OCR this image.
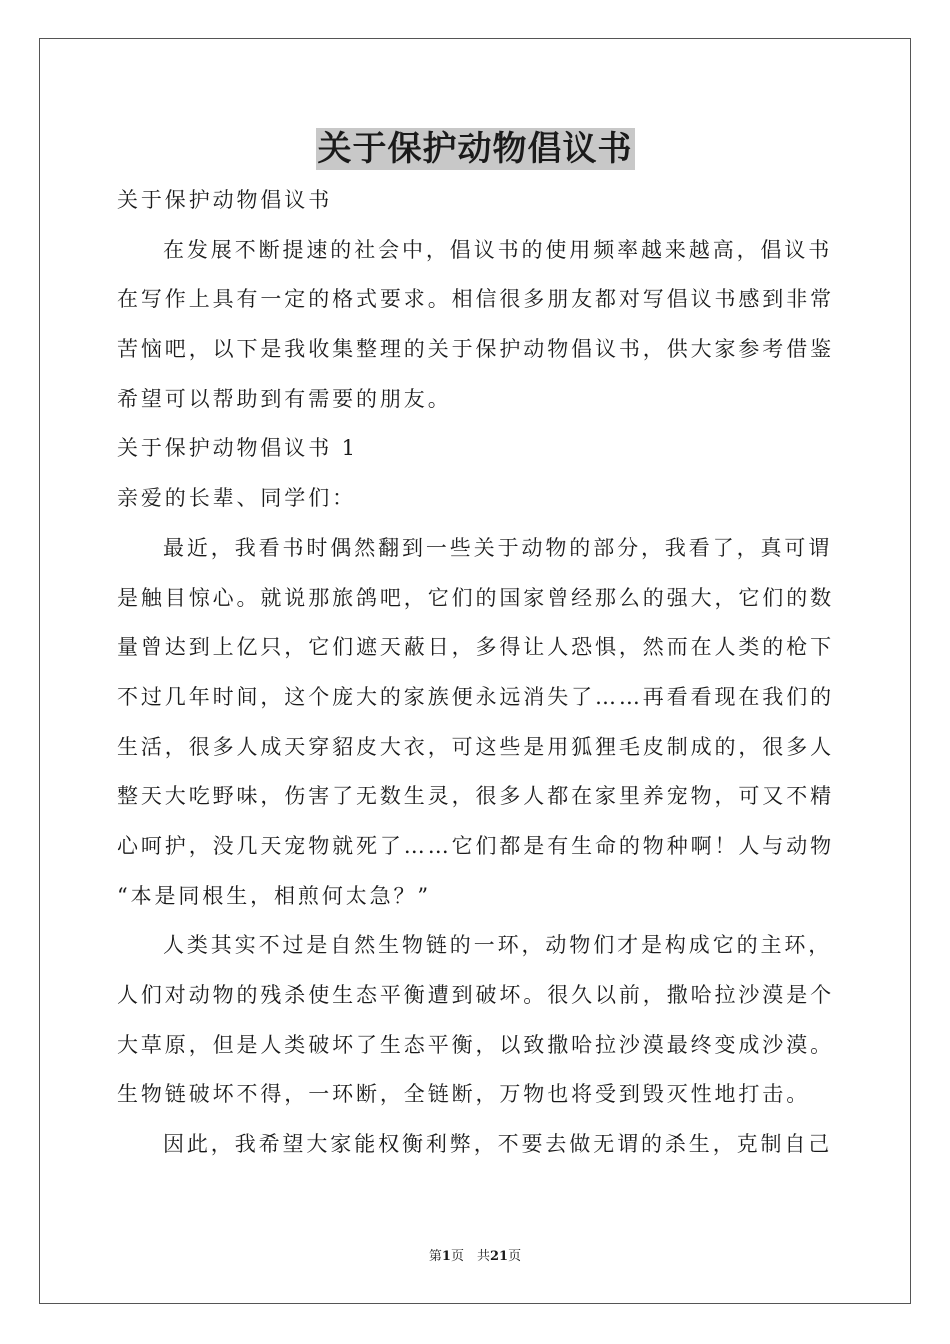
关于保护动物倡议书
关于保护动物倡议书
在发展不断提速的社会中，倡议书的使用频率越来越高，倡议书
在写作上具有一定的格式要求。相信很多朋友都对写倡议书感到非常
苦恼吧，以下是我收集整理的关于保护动物倡议书，供大家参考借鉴
希望可以帮助到有需要的朋友。
关于保护动物倡议书 1
亲爱的长辈、同学们：
最近，我看书时偶然翻到一些关于动物的部分，我看了，真可谓
是触目惊心。就说那旅鸽吧，它们的国家曾经那么的强大，它们的数
量曾达到上亿只，它们遮天蔽日，多得让人恐惧，然而在人类的枪下
不过几年时间，这个庞大的家族便永远消失了……再看看现在我们的
生活，很多人成天穿貂皮大衣，可这些是用狐狸毛皮制成的，很多人
整天大吃野味，伤害了无数生灵，很多人都在家里养宠物，可又不精
心呵护，没几天宠物就死了……它们都是有生命的物种啊！人与动物
“本是同根生，相煎何太急？”
人类其实不过是自然生物链的一环，动物们才是构成它的主环，
人们对动物的残杀使生态平衡遭到破坏。很久以前，撒哈拉沙漠是个
大草原，但是人类破坏了生态平衡，以致撒哈拉沙漠最终变成沙漠。
生物链破坏不得，一环断，全链断，万物也将受到毁灭性地打击。
因此，我希望大家能权衡利弊，不要去做无谓的杀生，克制自己
第1页　共21页
